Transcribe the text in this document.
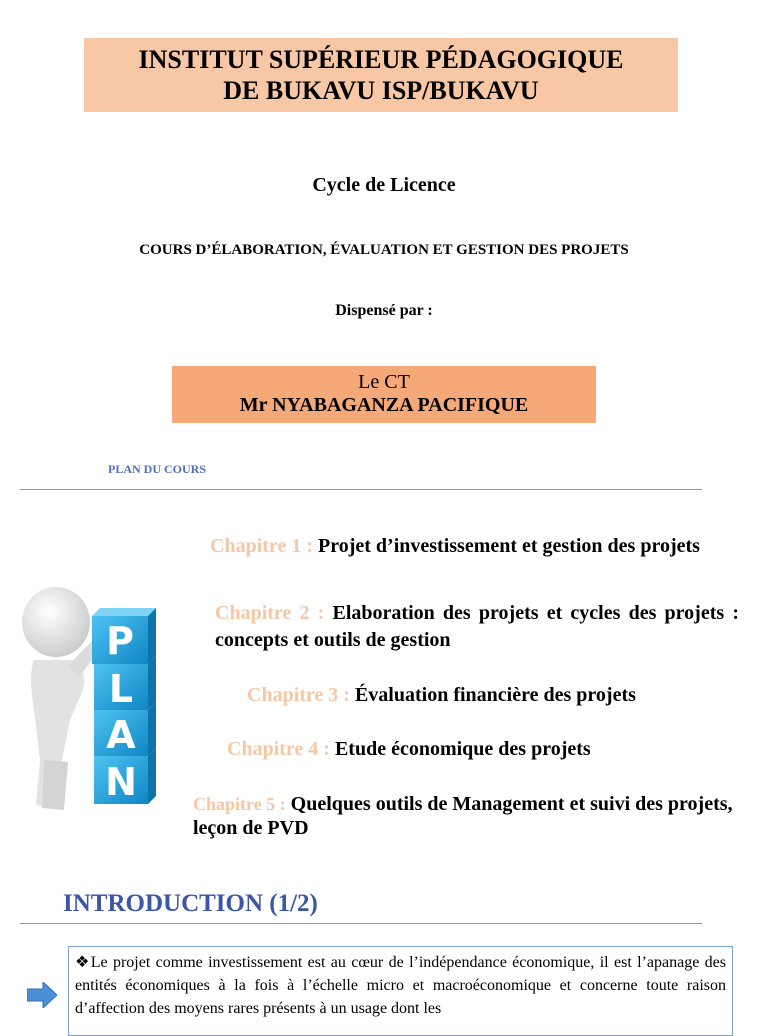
INSTITUT SUPÉRIEUR PÉDAGOGIQUE
DE BUKAVU ISP/BUKAVU
Cycle de Licence
COURS D’ÉLABORATION, ÉVALUATION ET GESTION DES PROJETS
Dispensé par :
Le CT
Mr NYABAGANZA PACIFIQUE
PLAN DU COURS
P
L
A
N
Chapitre 1 : Projet d’investissement et gestion des projets
Chapitre 2 : Elaboration des projets et cycles des projets : concepts et outils de gestion
Chapitre 3 : Évaluation financière des projets
Chapitre 4 : Etude économique des projets
Chapitre 5 : Quelques outils de Management et suivi des projets, leçon de PVD
INTRODUCTION (1/2)
❖Le projet comme investissement est au cœur de l’indépendance économique, il est l’apanage des entités économiques à la fois à l’échelle micro et macroéconomique et concerne toute raison d’affection des moyens rares présents à un usage dont les
